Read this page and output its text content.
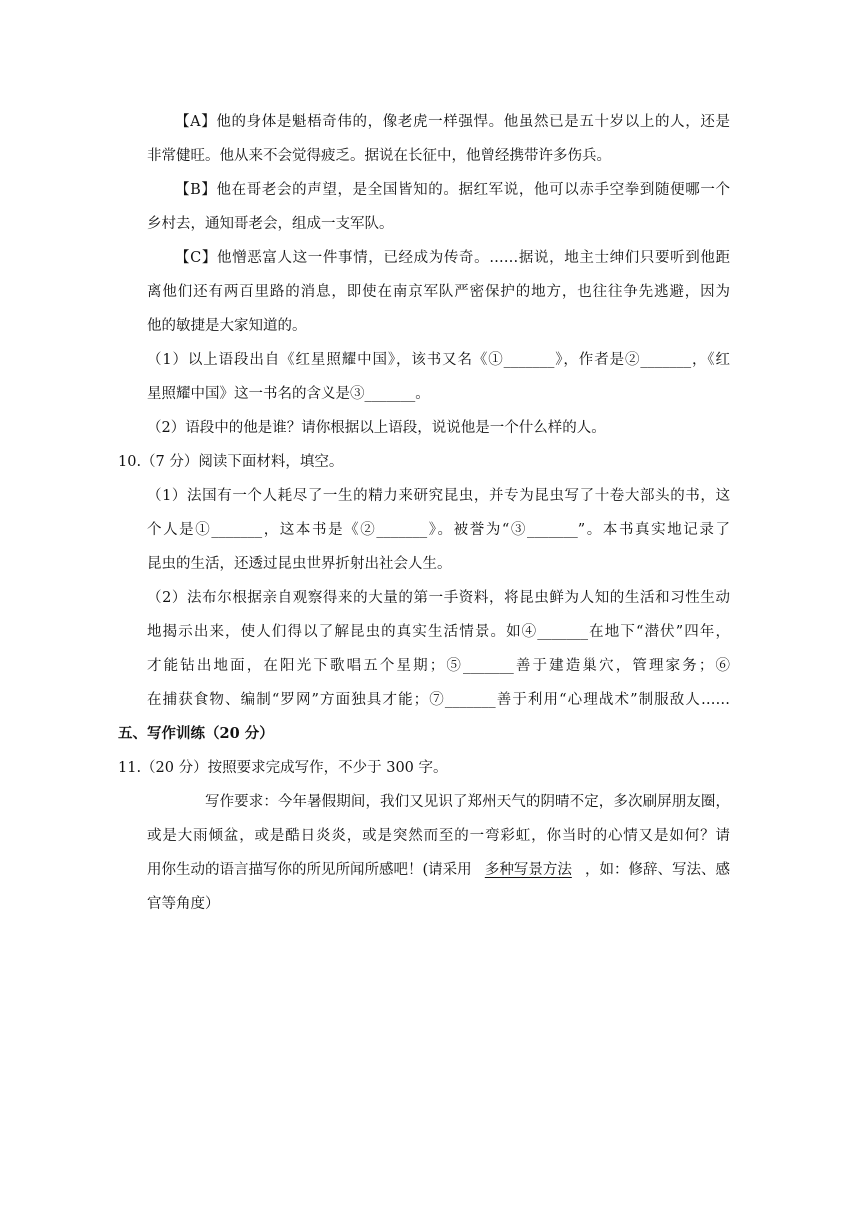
【A】他的身体是魁梧奇伟的，像老虎一样强悍。他虽然已是五十岁以上的人，还是
非常健旺。他从来不会觉得疲乏。据说在长征中，他曾经携带许多伤兵。
【B】他在哥老会的声望，是全国皆知的。据红军说，他可以赤手空拳到随便哪一个
乡村去，通知哥老会，组成一支军队。
【C】他憎恶富人这一件事情，已经成为传奇。……据说，地主士绅们只要听到他距
离他们还有两百里路的消息，即使在南京军队严密保护的地方，也往往争先逃避，因为
他的敏捷是大家知道的。
（1）以上语段出自《红星照耀中国》，该书又名《①_______》，作者是②_______，《红
星照耀中国》这一书名的含义是③_______。
（2）语段中的他是谁？请你根据以上语段，说说他是一个什么样的人。
10.（7 分）阅读下面材料，填空。
（1）法国有一个人耗尽了一生的精力来研究昆虫，并专为昆虫写了十卷大部头的书，这
个人是①_______，这本书是《②_______》。被誉为“③_______”。本书真实地记录了
昆虫的生活，还透过昆虫世界折射出社会人生。
（2）法布尔根据亲自观察得来的大量的第一手资料，将昆虫鲜为人知的生活和习性生动
地揭示出来，使人们得以了解昆虫的真实生活情景。如④_______在地下“潜伏”四年，
才能钻出地面，在阳光下歌唱五个星期；⑤_______善于建造巢穴，管理家务；⑥
在捕获食物、编制“罗网”方面独具才能；⑦_______善于利用“心理战术”制服敌人……
五、写作训练（20 分）
11.（20 分）按照要求完成写作，不少于 300 字。
写作要求：今年暑假期间，我们又见识了郑州天气的阴晴不定，多次刷屏朋友圈，
或是大雨倾盆，或是酷日炎炎，或是突然而至的一弯彩虹，你当时的心情又是如何？请
用你生动的语言描写你的所见所闻所感吧！(请采用 多种写景方法 ，如：修辞、写法、感
官等角度）
